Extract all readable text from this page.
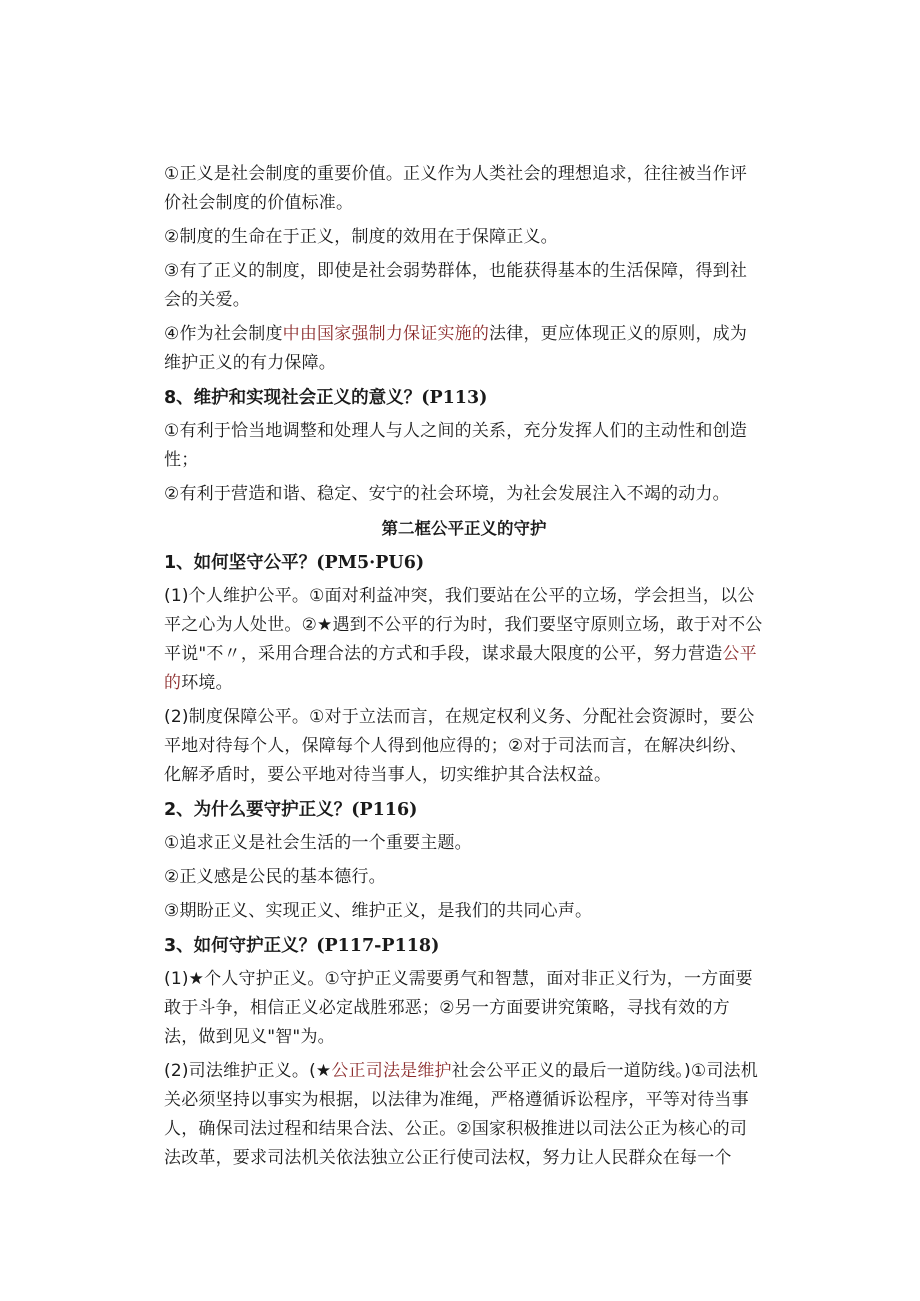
①正义是社会制度的重要价值。正义作为人类社会的理想追求，往往被当作评价社会制度的价值标准。

②制度的生命在于正义，制度的效用在于保障正义。

③有了正义的制度，即使是社会弱势群体，也能获得基本的生活保障，得到社会的关爱。

④作为社会制度中由国家强制力保证实施的法律，更应体现正义的原则，成为维护正义的有力保障。

8、维护和实现社会正义的意义？(P113)

①有利于恰当地调整和处理人与人之间的关系，充分发挥人们的主动性和创造性；

②有利于营造和谐、稳定、安宁的社会环境，为社会发展注入不竭的动力。

第二框公平正义的守护
1、如何坚守公平？(PM5·PU6)

(1)个人维护公平。①面对利益冲突，我们要站在公平的立场，学会担当，以公平之心为人处世。②★遇到不公平的行为时，我们要坚守原则立场，敢于对不公平说"不〃，采用合理合法的方式和手段，谋求最大限度的公平，努力营造公平的环境。

(2)制度保障公平。①对于立法而言，在规定权利义务、分配社会资源时，要公平地对待每个人，保障每个人得到他应得的；②对于司法而言，在解决纠纷、化解矛盾时，要公平地对待当事人，切实维护其合法权益。

2、为什么要守护正义？(P116)

①追求正义是社会生活的一个重要主题。

②正义感是公民的基本德行。

③期盼正义、实现正义、维护正义，是我们的共同心声。

3、如何守护正义？(P117-P118)

(1)★个人守护正义。①守护正义需要勇气和智慧，面对非正义行为，一方面要敢于斗争，相信正义必定战胜邪恶；②另一方面要讲究策略，寻找有效的方法，做到见义"智"为。

(2)司法维护正义。(★公正司法是维护社会公平正义的最后一道防线。)①司法机关必须坚持以事实为根据，以法律为准绳，严格遵循诉讼程序，平等对待当事人，确保司法过程和结果合法、公正。②国家积极推进以司法公正为核心的司法改革，要求司法机关依法独立公正行使司法权，努力让人民群众在每一个
